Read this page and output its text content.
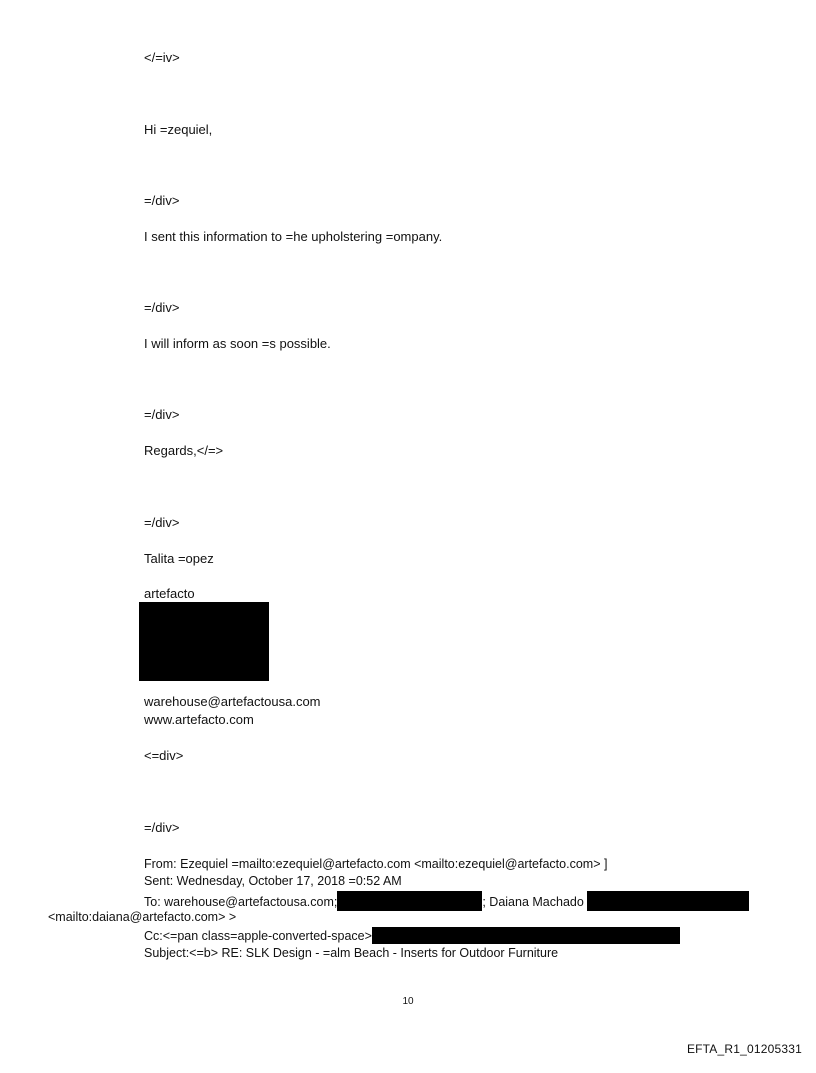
</=iv>
Hi =zequiel,
=/div>
I sent this information to =he upholstering =ompany.
=/div>
I will inform as soon =s possible.
=/div>
Regards,</=>
=/div>
Talita =opez
artefacto
warehouse@artefactousa.com
www.artefacto.com
<=div>
=/div>
From: Ezequiel =mailto:ezequiel@artefacto.com <mailto:ezequiel@artefacto.com> ]
Sent: Wednesday, October 17, 2018 =0:52 AM
To: warehouse@artefactousa.com;	; Daiana Machado
<mailto:daiana@artefacto.com> >
Cc:<=pan class=apple-converted-space>
Subject:<=b> RE: SLK Design - =alm Beach - Inserts for Outdoor Furniture
10
EFTA_R1_01205331
